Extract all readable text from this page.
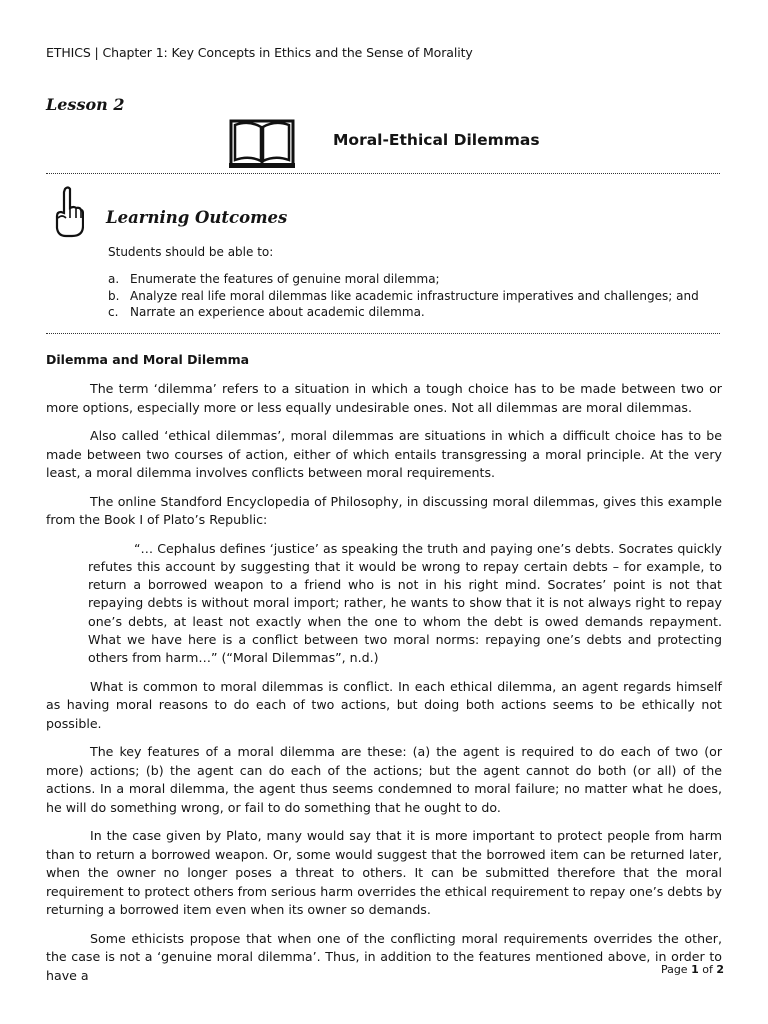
ETHICS | Chapter 1: Key Concepts in Ethics and the Sense of Morality
Lesson 2
Moral-Ethical Dilemmas
Learning Outcomes
Students should be able to:
a. Enumerate the features of genuine moral dilemma;
b. Analyze real life moral dilemmas like academic infrastructure imperatives and challenges; and
c. Narrate an experience about academic dilemma.
Dilemma and Moral Dilemma

The term ‘dilemma’ refers to a situation in which a tough choice has to be made between two or more options, especially more or less equally undesirable ones. Not all dilemmas are moral dilemmas.

Also called ‘ethical dilemmas’, moral dilemmas are situations in which a difficult choice has to be made between two courses of action, either of which entails transgressing a moral principle. At the very least, a moral dilemma involves conflicts between moral requirements.

The online Standford Encyclopedia of Philosophy, in discussing moral dilemmas, gives this example from the Book I of Plato’s Republic:

“… Cephalus defines ‘justice’ as speaking the truth and paying one’s debts. Socrates quickly refutes this account by suggesting that it would be wrong to repay certain debts – for example, to return a borrowed weapon to a friend who is not in his right mind. Socrates’ point is not that repaying debts is without moral import; rather, he wants to show that it is not always right to repay one’s debts, at least not exactly when the one to whom the debt is owed demands repayment. What we have here is a conflict between two moral norms: repaying one’s debts and protecting others from harm…” (“Moral Dilemmas”, n.d.)

What is common to moral dilemmas is conflict. In each ethical dilemma, an agent regards himself as having moral reasons to do each of two actions, but doing both actions seems to be ethically not possible.

The key features of a moral dilemma are these: (a) the agent is required to do each of two (or more) actions; (b) the agent can do each of the actions; but the agent cannot do both (or all) of the actions. In a moral dilemma, the agent thus seems condemned to moral failure; no matter what he does, he will do something wrong, or fail to do something that he ought to do.

In the case given by Plato, many would say that it is more important to protect people from harm than to return a borrowed weapon. Or, some would suggest that the borrowed item can be returned later, when the owner no longer poses a threat to others. It can be submitted therefore that the moral requirement to protect others from serious harm overrides the ethical requirement to repay one’s debts by returning a borrowed item even when its owner so demands.

Some ethicists propose that when one of the conflicting moral requirements overrides the other, the case is not a ‘genuine moral dilemma’. Thus, in addition to the features mentioned above, in order to have a	Page 1 of 2
